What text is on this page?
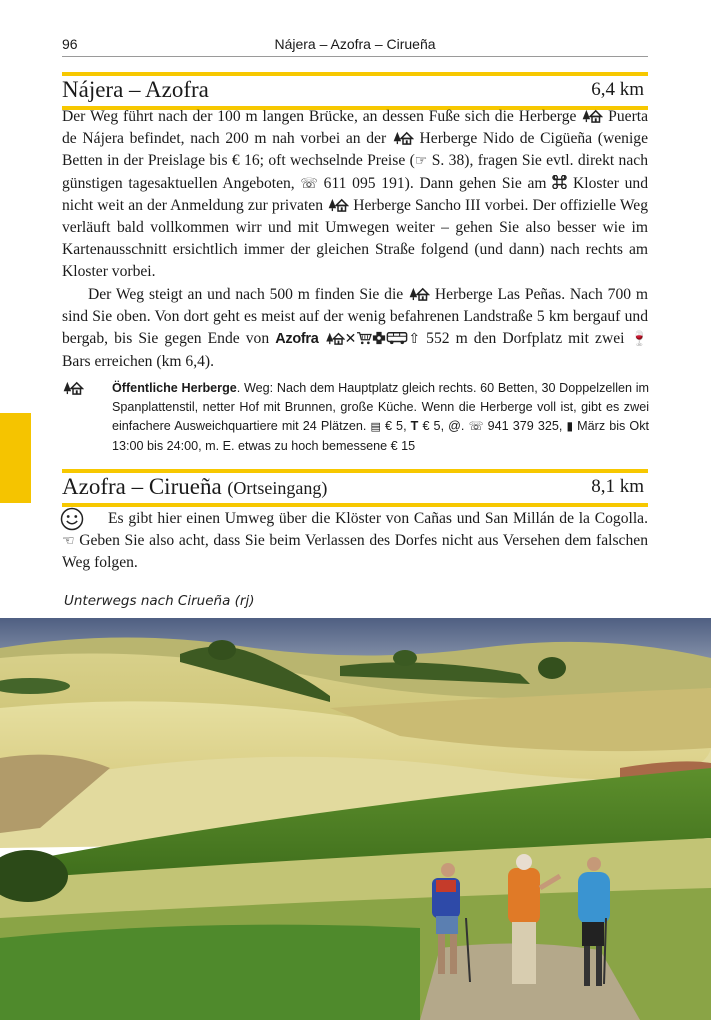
96	Nájera – Azofra – Cirueña
Nájera – Azofra	6,4 km

Der Weg führt nach der 100 m langen Brücke, an dessen Fuße sich die Herberge Puerta de Nájera befindet, nach 200 m nah vorbei an der Herberge Nido de Cigüeña (wenige Betten in der Preislage bis € 16; oft wechselnde Preise (☞ S. 38), fragen Sie evtl. direkt nach günstigen tagesaktuellen Angeboten, ☏ 611 095 191). Dann gehen Sie am Kloster und nicht weit an der Anmeldung zur privaten Herberge Sancho III vorbei. Der offizielle Weg verläuft bald vollkommen wirr und mit Umwegen weiter – gehen Sie also besser wie im Kartenausschnitt ersichtlich immer der gleichen Straße folgend (und dann) nach rechts am Kloster vorbei.

Der Weg steigt an und nach 500 m finden Sie die Herberge Las Peñas. Nach 700 m sind Sie oben. Von dort geht es meist auf der wenig befahrenen Landstraße 5 km bergauf und bergab, bis Sie gegen Ende von Azofra ✕	⇧ 552 m den Dorfplatz mit zwei 🍷 Bars erreichen (km 6,4).

Öffentliche Herberge. Weg: Nach dem Hauptplatz gleich rechts. 60 Betten, 30 Doppelzellen im Spanplattenstil, netter Hof mit Brunnen, große Küche. Wenn die Herberge voll ist, gibt es zwei einfachere Ausweichquartiere mit 24 Plätzen. ▤ € 5, T € 5, @. ☏ 941 379 325, ▮ März bis Okt 13:00 bis 24:00, m. E. etwas zu hoch bemessene € 15

Azofra – Cirueña (Ortseingang)	8,1 km

Es gibt hier einen Umweg über die Klöster von Cañas und San Millán de la Cogolla.☜ Geben Sie also acht, dass Sie beim Verlassen des Dorfes nicht aus Versehen dem falschen Weg folgen.

Unterwegs nach Cirueña (rj)
